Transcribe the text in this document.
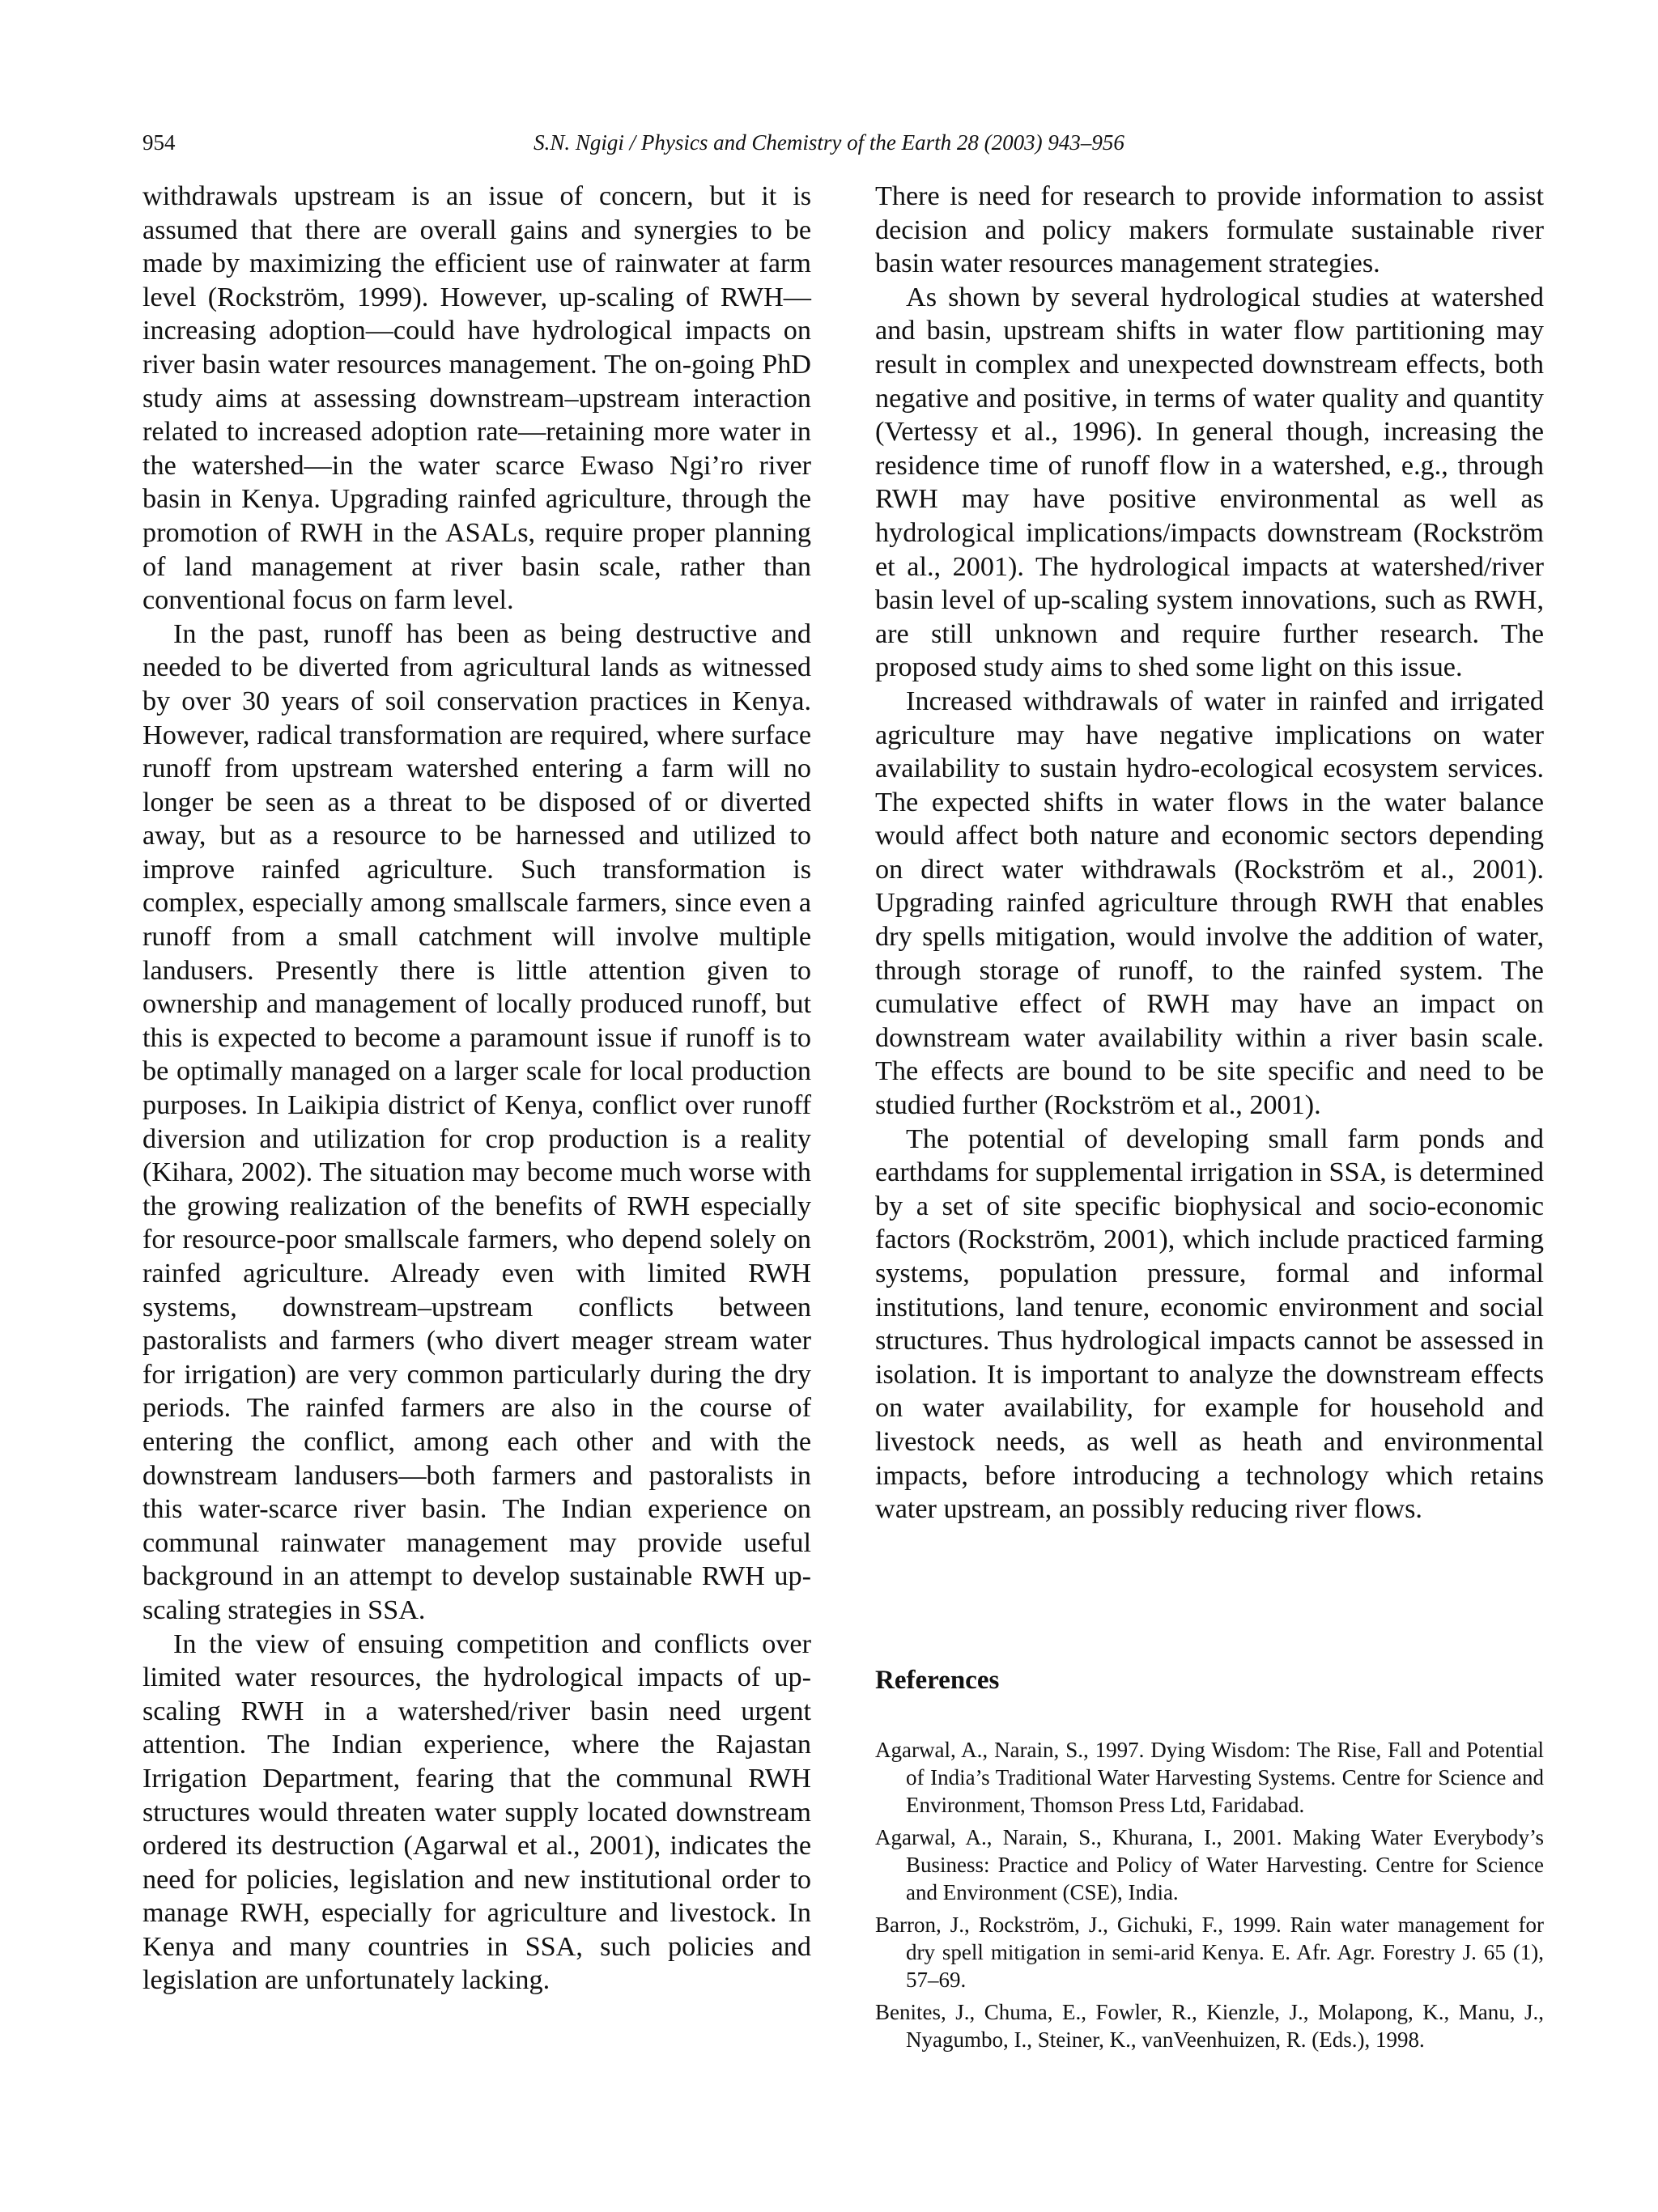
954	S.N. Ngigi / Physics and Chemistry of the Earth 28 (2003) 943–956

withdrawals upstream is an issue of concern, but it is assumed that there are overall gains and synergies to be made by maximizing the efficient use of rainwater at farm level (Rockström, 1999). However, up-scaling of RWH—increasing adoption—could have hydrological impacts on river basin water resources management. The on-going PhD study aims at assessing downstream–upstream interaction related to increased adoption rate—retaining more water in the watershed—in the water scarce Ewaso Ngi’ro river basin in Kenya. Upgrading rainfed agriculture, through the promotion of RWH in the ASALs, require proper planning of land management at river basin scale, rather than conventional focus on farm level.

In the past, runoff has been as being destructive and needed to be diverted from agricultural lands as witnessed by over 30 years of soil conservation practices in Kenya. However, radical transformation are required, where surface runoff from upstream watershed entering a farm will no longer be seen as a threat to be disposed of or diverted away, but as a resource to be harnessed and utilized to improve rainfed agriculture. Such transformation is complex, especially among smallscale farmers, since even a runoff from a small catchment will involve multiple landusers. Presently there is little attention given to ownership and management of locally produced runoff, but this is expected to become a paramount issue if runoff is to be optimally managed on a larger scale for local production purposes. In Laikipia district of Kenya, conflict over runoff diversion and utilization for crop production is a reality (Kihara, 2002). The situation may become much worse with the growing realization of the benefits of RWH especially for resource-poor smallscale farmers, who depend solely on rainfed agriculture. Already even with limited RWH systems, downstream–upstream conflicts between pastoralists and farmers (who divert meager stream water for irrigation) are very common particularly during the dry periods. The rainfed farmers are also in the course of entering the conflict, among each other and with the downstream landusers—both farmers and pastoralists in this water-scarce river basin. The Indian experience on communal rainwater management may provide useful background in an attempt to develop sustainable RWH up-scaling strategies in SSA.

In the view of ensuing competition and conflicts over limited water resources, the hydrological impacts of up-scaling RWH in a watershed/river basin need urgent attention. The Indian experience, where the Rajastan Irrigation Department, fearing that the communal RWH structures would threaten water supply located downstream ordered its destruction (Agarwal et al., 2001), indicates the need for policies, legislation and new institutional order to manage RWH, especially for agriculture and livestock. In Kenya and many countries in SSA, such policies and legislation are unfortunately lacking.

There is need for research to provide information to assist decision and policy makers formulate sustainable river basin water resources management strategies.

As shown by several hydrological studies at watershed and basin, upstream shifts in water flow partitioning may result in complex and unexpected downstream effects, both negative and positive, in terms of water quality and quantity (Vertessy et al., 1996). In general though, increasing the residence time of runoff flow in a watershed, e.g., through RWH may have positive environmental as well as hydrological implications/impacts downstream (Rockström et al., 2001). The hydrological impacts at watershed/river basin level of up-scaling system innovations, such as RWH, are still unknown and require further research. The proposed study aims to shed some light on this issue.

Increased withdrawals of water in rainfed and irrigated agriculture may have negative implications on water availability to sustain hydro-ecological ecosystem services. The expected shifts in water flows in the water balance would affect both nature and economic sectors depending on direct water withdrawals (Rockström et al., 2001). Upgrading rainfed agriculture through RWH that enables dry spells mitigation, would involve the addition of water, through storage of runoff, to the rainfed system. The cumulative effect of RWH may have an impact on downstream water availability within a river basin scale. The effects are bound to be site specific and need to be studied further (Rockström et al., 2001).

The potential of developing small farm ponds and earthdams for supplemental irrigation in SSA, is determined by a set of site specific biophysical and socio-economic factors (Rockström, 2001), which include practiced farming systems, population pressure, formal and informal institutions, land tenure, economic environment and social structures. Thus hydrological impacts cannot be assessed in isolation. It is important to analyze the downstream effects on water availability, for example for household and livestock needs, as well as heath and environmental impacts, before introducing a technology which retains water upstream, an possibly reducing river flows.

References
Agarwal, A., Narain, S., 1997. Dying Wisdom: The Rise, Fall and Potential of India’s Traditional Water Harvesting Systems. Centre for Science and Environment, Thomson Press Ltd, Faridabad.
Agarwal, A., Narain, S., Khurana, I., 2001. Making Water Everybody’s Business: Practice and Policy of Water Harvesting. Centre for Science and Environment (CSE), India.
Barron, J., Rockström, J., Gichuki, F., 1999. Rain water management for dry spell mitigation in semi-arid Kenya. E. Afr. Agr. Forestry J. 65 (1), 57–69.
Benites, J., Chuma, E., Fowler, R., Kienzle, J., Molapong, K., Manu, J., Nyagumbo, I., Steiner, K., vanVeenhuizen, R. (Eds.), 1998.
